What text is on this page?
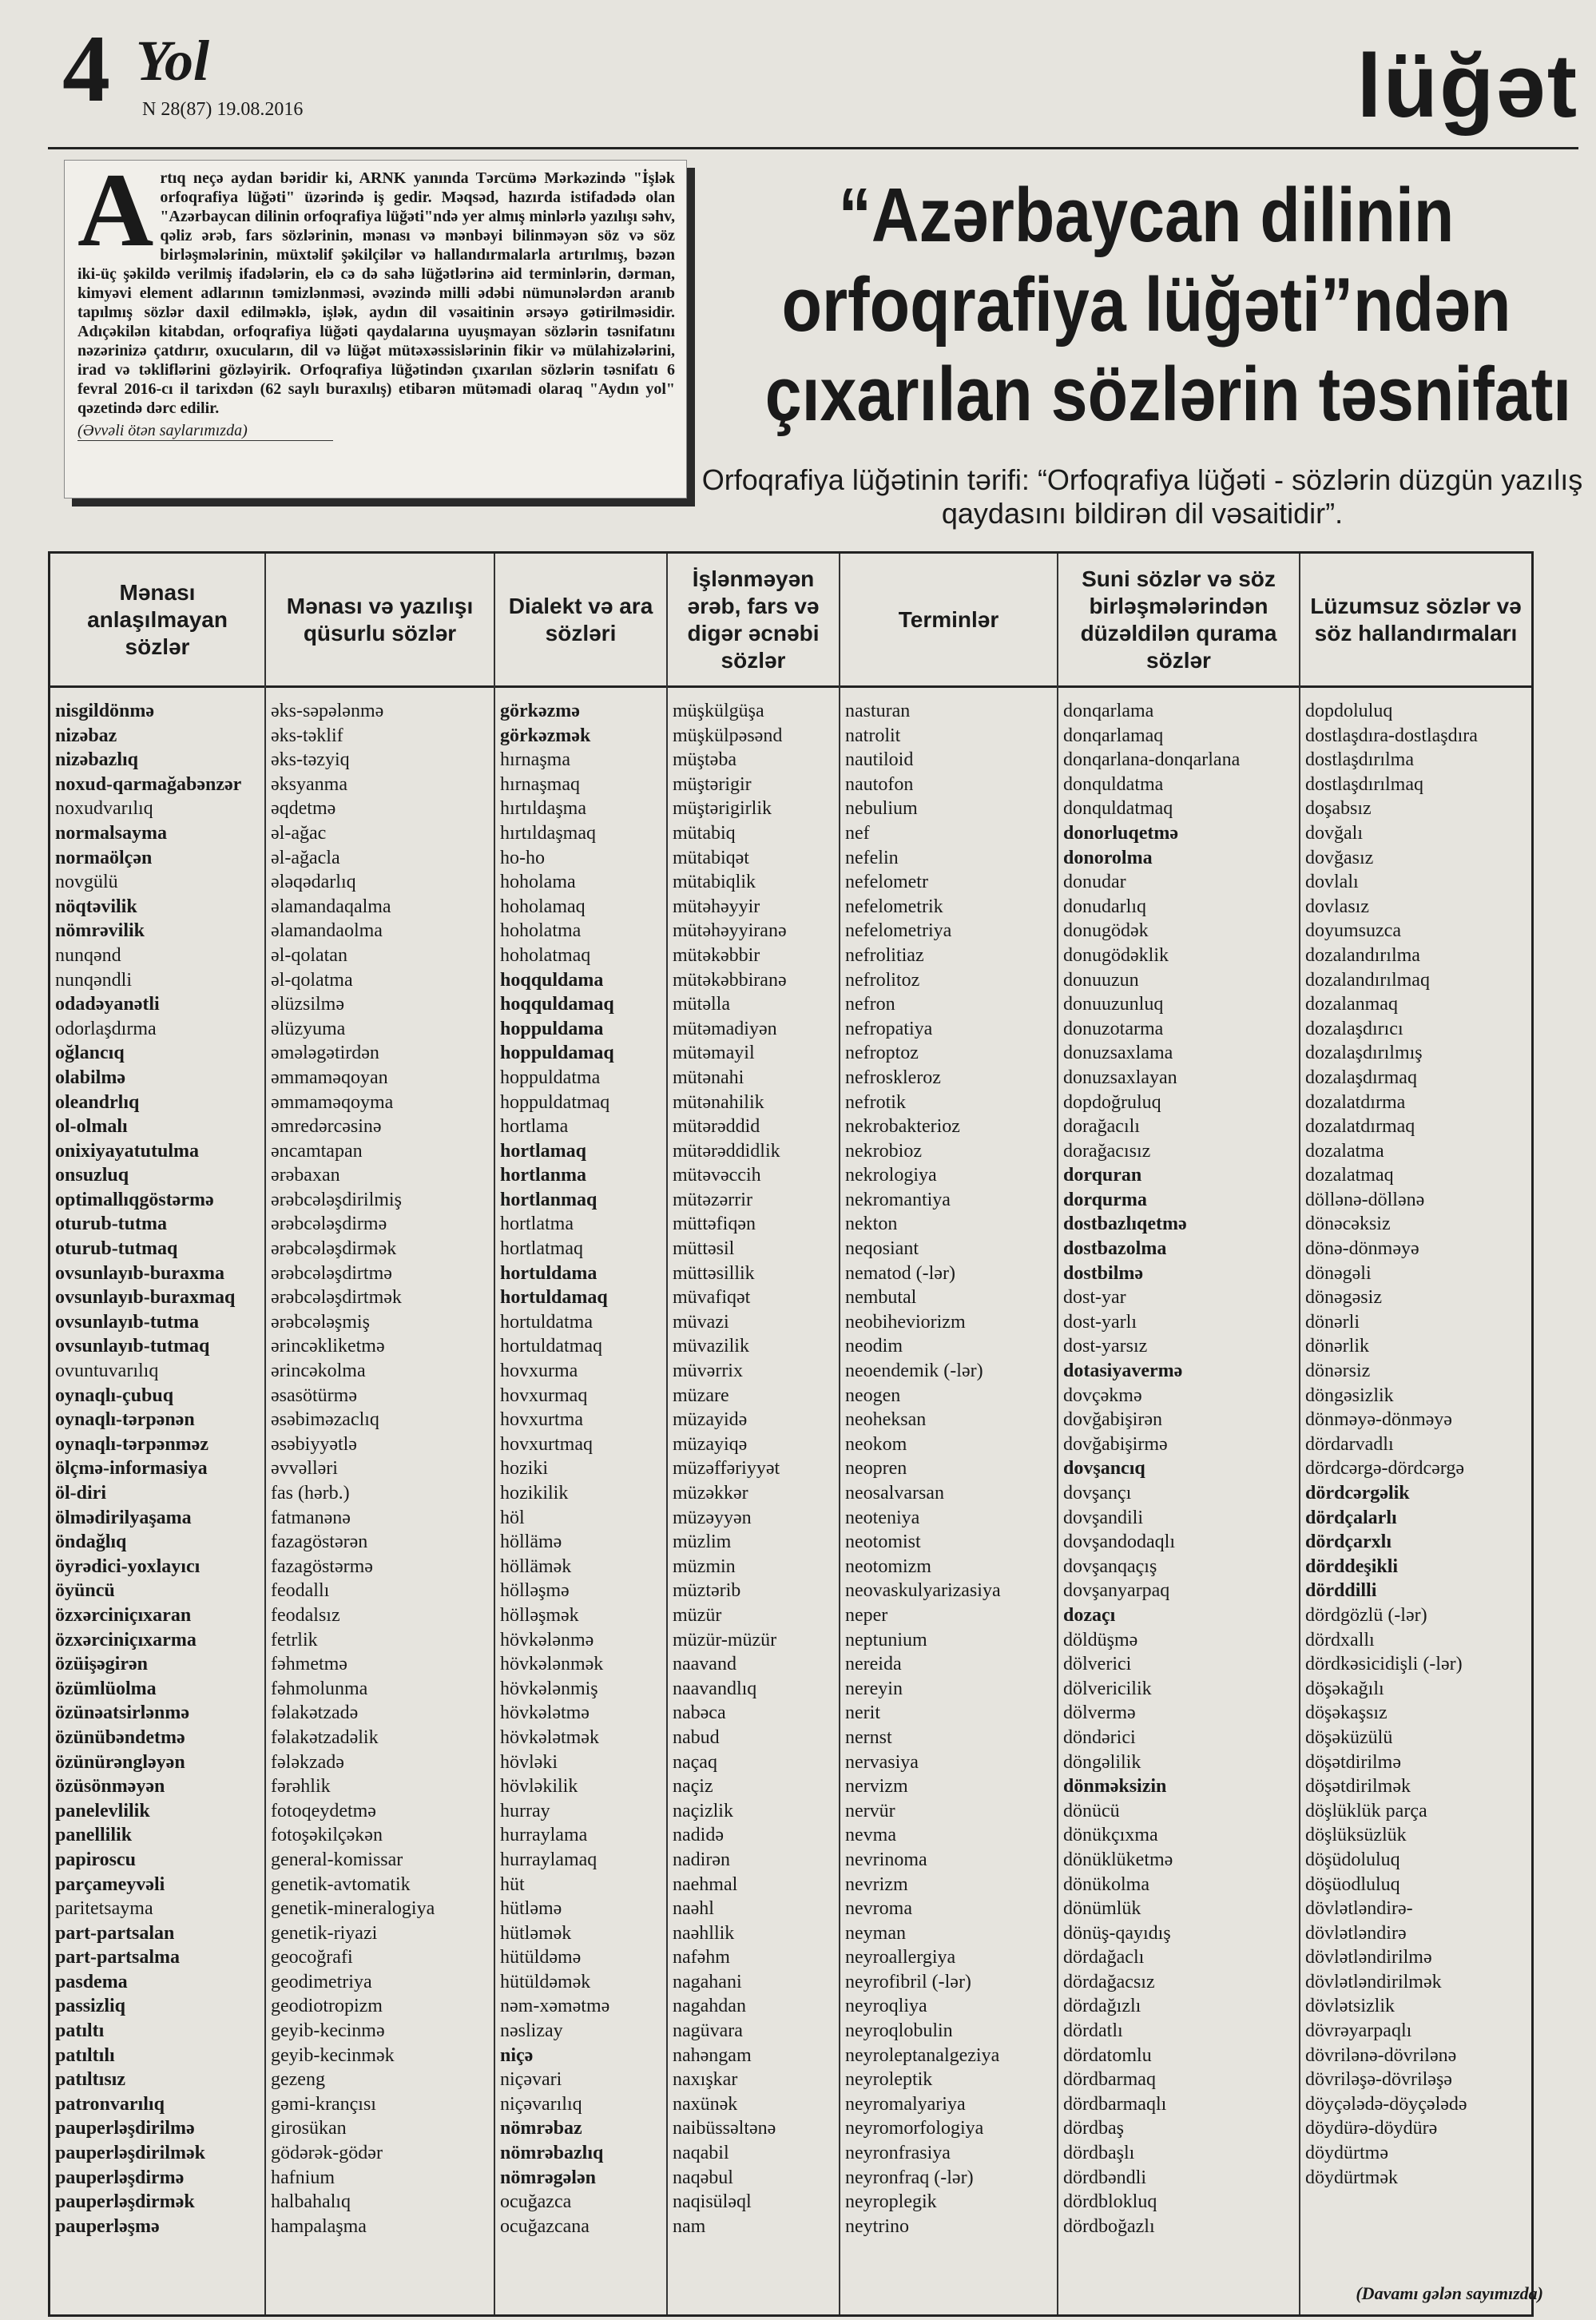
4 Yol
N 28(87) 19.08.2016	lüğət
A rtıq neçə aydan bəridir ki, ARNK yanında Tərcümə Mərkəzində "İşlək orfoqrafiya lüğəti" üzərində iş gedir. Məqsəd, hazırda istifadədə olan "Azərbaycan dilinin orfoqrafiya lüğəti"ndə yer almış minlərlə yazılışı səhv, qəliz ərəb, fars sözlərinin, mənası və mənbəyi bilinməyən söz və söz birləşmələrinin, müxtəlif şəkilçilər və hallandırmalarla artırılmış, bəzən iki-üç şəkildə verilmiş ifadələrin, elə cə də sahə lüğətlərinə aid terminlərin, dərman, kimyəvi element adlarının təmizlənməsi, əvəzində milli ədəbi nümunələrdən aranıb tapılmış sözlər daxil edilməklə, işlək, aydın dil vəsaitinin ərsəyə gətirilməsidir. Adıçəkilən kitabdan, orfoqrafiya lüğəti qaydalarına uyuşmayan sözlərin təsnifatını nəzərinizə çatdırır, oxucuların, dil və lüğət mütəxəssislərinin fikir və mülahizələrini, irad və təkliflərini gözləyirik. Orfoqrafiya lüğətindən çıxarılan sözlərin təsnifatı 6 fevral 2016-cı il tarixdən (62 saylı buraxılış) etibarən mütəmadi olaraq "Aydın yol" qəzetində dərc edilir.
(Əvvəli ötən saylarımızda)
“Azərbaycan dilinin
orfoqrafiya lüğəti”ndən
çıxarılan sözlərin təsnifatı
Orfoqrafiya lüğətinin tərifi: “Orfoqrafiya lüğəti - sözlərin düzgün yazılış qaydasını bildirən dil vəsaitidir”.
Mənası anlaşılmayan sözlər
nisgildönmə
nizəbaz
nizəbazlıq
noxud-qarmağabənzər
noxudvarılıq
normalsayma
normaölçən
novgülü
nöqtəvilik
nömrəvilik
nunqənd
nunqəndli
odadəyanətli
odorlaşdırma
oğlancıq
olabilmə
oleandrlıq
ol-olmalı
onixiyayatutulma
onsuzluq
optimallıqgöstərmə
oturub-tutma
oturub-tutmaq
ovsunlayıb-buraxma
ovsunlayıb-buraxmaq
ovsunlayıb-tutma
ovsunlayıb-tutmaq
ovuntuvarılıq
oynaqlı-çubuq
oynaqlı-tərpənən
oynaqlı-tərpənməz
ölçmə-informasiya
öl-diri
ölmədirilyaşama
öndağlıq
öyrədici-yoxlayıcı
öyüncü
özxərciniçıxaran
özxərciniçıxarma
özüişəgirən
özümlüolma
özünəatsirlənmə
özünübəndetmə
özünürəngləyən
özüsönməyən
panelevlilik
panellilik
papiroscu
parçameyvəli
paritetsayma
part-partsalan
part-partsalma
pasdema
passizliq
patıltı
patıltılı
patıltısız
patronvarılıq
pauperləşdirilmə
pauperləşdirilmək
pauperləşdirmə
pauperləşdirmək
pauperləşmə
Mənası və yazılışı qüsurlu sözlər
əks-səpələnmə
əks-təklif
əks-təzyiq
əksyanma
əqdetmə
əl-ağac
əl-ağacla
ələqədarlıq
əlamandaqalma
əlamandaolma
əl-qolatan
əl-qolatma
əlüzsilmə
əlüzyuma
əmələgətirdən
əmmaməqoyan
əmmaməqoyma
əmredərcəsinə
əncamtapan
ərəbaxan
ərəbcələşdirilmiş
ərəbcələşdirmə
ərəbcələşdirmək
ərəbcələşdirtmə
ərəbcələşdirtmək
ərəbcələşmiş
ərincəkliketmə
ərincəkolma
əsasötürmə
əsəbiməzaclıq
əsəbiyyətlə
əvvəlləri
fas (hərb.)
fatmanənə
fazagöstərən
fazagöstərmə
feodallı
feodalsız
fetrlik
fəhmetmə
fəhmolunma
fəlakətzadə
fəlakətzadəlik
fələkzadə
fərəhlik
fotoqeydetmə
fotoşəkilçəkən
general-komissar
genetik-avtomatik
genetik-mineralogiya
genetik-riyazi
geocoğrafi
geodimetriya
geodiotropizm
geyib-kecinmə
geyib-kecinmək
gezeng
gəmi-krançısı
girosükan
gödərək-gödər
hafnium
halbahalıq
hampalaşma
Dialekt və ara sözləri
görkəzmə
görkəzmək
hırnaşma
hırnaşmaq
hırtıldaşma
hırtıldaşmaq
ho-ho
hoholama
hoholamaq
hoholatma
hoholatmaq
hoqquldama
hoqquldamaq
hoppuldama
hoppuldamaq
hoppuldatma
hoppuldatmaq
hortlama
hortlamaq
hortlanma
hortlanmaq
hortlatma
hortlatmaq
hortuldama
hortuldamaq
hortuldatma
hortuldatmaq
hovxurma
hovxurmaq
hovxurtma
hovxurtmaq
hoziki
hozikilik
höl
höllämə
höllämək
hölləşmə
hölləşmək
hövkələnmə
hövkələnmək
hövkələnmiş
hövkələtmə
hövkələtmək
hövləki
hövləkilik
hurray
hurraylama
hurraylamaq
hüt
hütləmə
hütləmək
hütüldəmə
hütüldəmək
nəm-xəmətmə
nəslizay
niçə
niçəvari
niçəvarılıq
nömrəbaz
nömrəbazlıq
nömrəgələn
ocuğazca
ocuğazcana
İşlənməyən ərəb, fars və digər əcnəbi sözlər
müşkülgüşa
müşkülpəsənd
müştəba
müştərigir
müştərigirlik
mütabiq
mütabiqət
mütabiqlik
mütəhəyyir
mütəhəyyiranə
mütəkəbbir
mütəkəbbiranə
mütəlla
mütəmadiyən
mütəmayil
mütənahi
mütənahilik
mütərəddid
mütərəddidlik
mütəvəccih
mütəzərrir
müttəfiqən
müttəsil
müttəsillik
müvafiqət
müvazi
müvazilik
müvərrix
müzare
müzayidə
müzayiqə
müzəffəriyyət
müzəkkər
müzəyyən
müzlim
müzmin
müztərib
müzür
müzür-müzür
naavand
naavandlıq
nabəca
nabud
naçaq
naçiz
naçizlik
nadidə
nadirən
naehmal
naəhl
naəhllik
nafəhm
nagahani
nagahdan
nagüvara
nahəngam
naxışkar
naxünək
naibüssəltənə
naqabil
naqəbul
naqisüləql
nam
Terminlər
nasturan
natrolit
nautiloid
nautofon
nebulium
nef
nefelin
nefelometr
nefelometrik
nefelometriya
nefrolitiaz
nefrolitoz
nefron
nefropatiya
nefroptoz
nefroskleroz
nefrotik
nekrobakterioz
nekrobioz
nekrologiya
nekromantiya
nekton
neqosiant
nematod (-lər)
nembutal
neobiheviorizm
neodim
neoendemik (-lər)
neogen
neoheksan
neokom
neopren
neosalvarsan
neoteniya
neotomist
neotomizm
neovaskulyarizasiya
neper
neptunium
nereida
nereyin
nerit
nernst
nervasiya
nervizm
nervür
nevma
nevrinoma
nevrizm
nevroma
neyman
neyroallergiya
neyrofibril (-lər)
neyroqliya
neyroqlobulin
neyroleptanalgeziya
neyroleptik
neyromalyariya
neyromorfologiya
neyronfrasiya
neyronfraq (-lər)
neyroplegik
neytrino
Suni sözlər və söz birləşmələrindən düzəldilən qurama sözlər
donqarlama
donqarlamaq
donqarlana-donqarlana
donquldatma
donquldatmaq
donorluqetmə
donorolma
donudar
donudarlıq
donugödək
donugödəklik
donuuzun
donuuzunluq
donuzotarma
donuzsaxlama
donuzsaxlayan
dopdoğruluq
dorağacılı
dorağacısız
dorquran
dorqurma
dostbazlıqetmə
dostbazolma
dostbilmə
dost-yar
dost-yarlı
dost-yarsız
dotasiyavermə
dovçəkmə
dovğabişirən
dovğabişirmə
dovşancıq
dovşançı
dovşandili
dovşandodaqlı
dovşanqaçış
dovşanyarpaq
dozaçı
döldüşmə
dölverici
dölvericilik
dölvermə
döndərici
döngəlilik
dönməksizin
dönücü
dönükçıxma
dönüklüketmə
dönükolma
dönümlük
dönüş-qayıdış
dördağaclı
dördağacsız
dördağızlı
dördatlı
dördatomlu
dördbarmaq
dördbarmaqlı
dördbaş
dördbaşlı
dördbəndli
dördblokluq
dördboğazlı
Lüzumsuz sözlər və söz hallandırmaları
dopdoluluq
dostlaşdıra-dostlaşdıra
dostlaşdırılma
dostlaşdırılmaq
doşabsız
dovğalı
dovğasız
dovlalı
dovlasız
doyumsuzca
dozalandırılma
dozalandırılmaq
dozalanmaq
dozalaşdırıcı
dozalaşdırılmış
dozalaşdırmaq
dozalatdırma
dozalatdırmaq
dozalatma
dozalatmaq
döllənə-döllənə
dönəcəksiz
dönə-dönməyə
dönəgəli
dönəgəsiz
dönərli
dönərlik
dönərsiz
döngəsizlik
dönməyə-dönməyə
dördarvadlı
dördcərgə-dördcərgə
dördcərgəlik
dördçalarlı
dördçarxlı
dörddeşikli
dörddilli
dördgözlü (-lər)
dördxallı
dördkəsicidişli (-lər)
döşəkağılı
döşəkaşsız
döşəküzülü
döşətdirilmə
döşətdirilmək
döşlüklük parça
döşlüksüzlük
döşüdoluluq
döşüodluluq
dövlətləndirə-
dövlətləndirə
dövlətləndirilmə
dövlətləndirilmək
dövlətsizlik
dövrəyarpaqlı
dövrilənə-dövrilənə
dövriləşə-dövriləşə
döyçələdə-döyçələdə
döydürə-döydürə
döydürtmə
döydürtmək
(Davamı gələn sayımızda)
